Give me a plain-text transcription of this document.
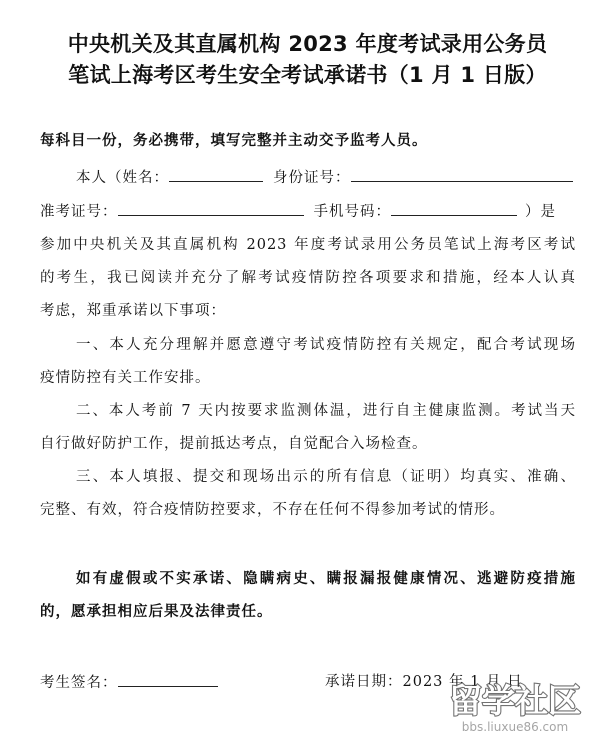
中央机关及其直属机构 2023 年度考试录用公务员
笔试上海考区考生安全考试承诺书（1 月 1 日版）
每科目一份，务必携带，填写完整并主动交予监考人员。
本人（姓名：	身份证号：
准考证号：	手机号码：	）是
参加中央机关及其直属机构 2023 年度考试录用公务员笔试上海考区考试
的考生，我已阅读并充分了解考试疫情防控各项要求和措施，经本人认真
考虑，郑重承诺以下事项：
一、本人充分理解并愿意遵守考试疫情防控有关规定，配合考试现场
疫情防控有关工作安排。
二、本人考前 7 天内按要求监测体温，进行自主健康监测。考试当天
自行做好防护工作，提前抵达考点，自觉配合入场检查。
三、本人填报、提交和现场出示的所有信息（证明）均真实、准确、
完整、有效，符合疫情防控要求，不存在任何不得参加考试的情形。
如有虚假或不实承诺、隐瞒病史、瞒报漏报健康情况、逃避防疫措施
的，愿承担相应后果及法律责任。
考生签名：	承诺日期：2023 年 1 月 日
留学社区
bbs.liuxue86.com
